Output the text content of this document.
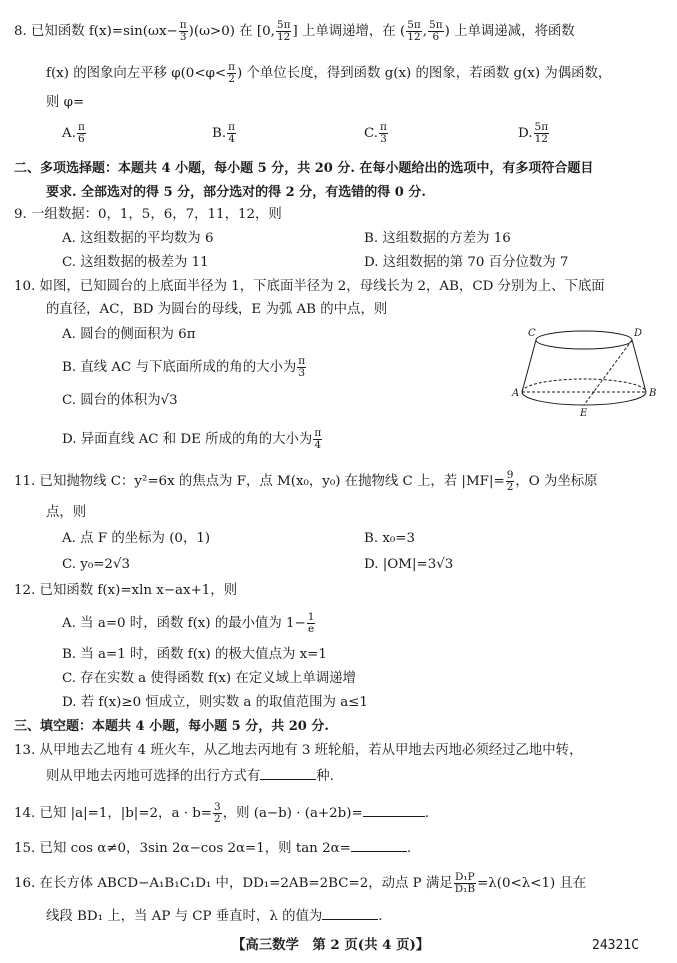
8. 已知函数 $f(x)=\sin(\omega x- \frac{\pi}{3} )(\omega>0)$ 在 [0, $\frac{5\pi}{12}$ ] 上单调递增，在 ( $\frac{5\pi}{12}$ , $\frac{5\pi}{6}$ ) 上单调递减，将函数
f(x) 的图象向左平移 $\varphi(0<\varphi< \frac{\pi}{2}$ ) 个单位长度，得到函数 g(x) 的图象，若函数 g(x) 为偶函数，
则 φ=
A. $\frac{\pi}{6}$	B. $\frac{\pi}{4}$	C. $\frac{\pi}{3}$	D. $\frac{5\pi}{12}$
二、多项选择题：本题共 4 小题，每小题 5 分，共 20 分. 在每小题给出的选项中，有多项符合题目
要求. 全部选对的得 5 分，部分选对的得 2 分，有选错的得 0 分.
9. 一组数据：0，1，5，6，7，11，12，则
A. 这组数据的平均数为 6	B. 这组数据的方差为 16
C. 这组数据的极差为 11	D. 这组数据的第 70 百分位数为 7
10. 如图，已知圆台的上底面半径为 1，下底面半径为 2，母线长为 2，AB，CD 分别为上、下底面
的直径，AC，BD 为圆台的母线，E 为弧 AB 的中点，则
A. 圆台的侧面积为 6π
B. 直线 AC 与下底面所成的角的大小为 $\frac{\pi}{3}$
C. 圆台的体积为√3
D. 异面直线 AC 和 DE 所成的角的大小为 $\frac{\pi}{4}$
C	D
A	B
E
11. 已知抛物线 C：y²=6x 的焦点为 F，点 M(x₀，y₀) 在抛物线 C 上，若 $|MF|= \frac{9}{2}$ ，O 为坐标原
点，则
A. 点 F 的坐标为 (0，1)	B. x₀=3
C. y₀=2√3	D. |OM|=3√3
12. 已知函数 f(x)=xln x−ax+1，则
A. 当 a=0 时，函数 f(x) 的最小值为 $1- \frac{1}{e}$
B. 当 a=1 时，函数 f(x) 的极大值点为 x=1
C. 存在实数 a 使得函数 f(x) 在定义域上单调递增
D. 若 f(x)≥0 恒成立，则实数 a 的取值范围为 a≤1
三、填空题：本题共 4 小题，每小题 5 分，共 20 分.
13. 从甲地去乙地有 4 班火车，从乙地去丙地有 3 班轮船，若从甲地去丙地必须经过乙地中转，
则从甲地去丙地可选择的出行方式有	种.
14. 已知 |a|=1，|b|=2，$a \cdot b= \frac{3}{2}$ ，则 (a−b) · (a+2b)=	.
15. 已知 cos α≠0，3sin 2α−cos 2α=1，则 tan 2α=	.
16. 在长方体 ABCD−A₁B₁C₁D₁ 中，DD₁=2AB=2BC=2，动点 P 满足 $\frac{\text{D₁P}}{\text{D₁B}} =\lambda(0<\lambda<1)$ 且在
线段 BD₁ 上，当 AP 与 CP 垂直时，λ 的值为	.
【高三数学　第 2 页(共 4 页)】	24321C
